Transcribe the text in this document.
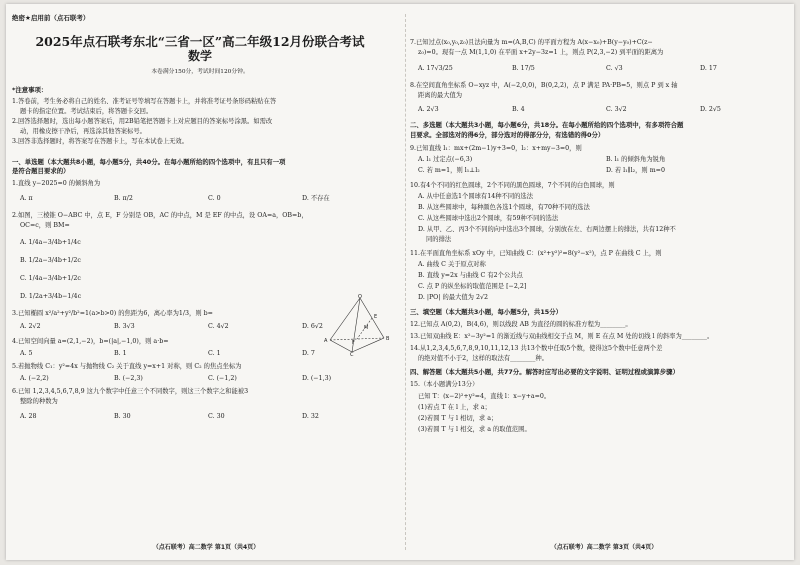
绝密★启用前（点石联考）
2025年点石联考东北“三省一区”高二年级12月份联合考试
数学
本卷满分150分，考试时间120分钟。
*注意事项：
1.答卷前，考生务必将自己的姓名、准考证号等填写在答题卡上，并将准考证号条形码粘贴在答
题卡的指定位置。考试结束后，将答题卡交回。
2.回答选择题时，选出每小题答案后，用2B铅笔把答题卡上对应题目的答案标号涂黑。如需改
动，用橡皮擦干净后，再选涂其他答案标号。
3.回答非选择题时，将答案写在答题卡上，写在本试卷上无效。
一、单选题（本大题共8小题，每小题5分，共40分。在每小题所给的四个选项中，有且只有一项
是符合题目要求的）
1.直线 y−2025=0 的倾斜角为
A. π	B. π/2	C. 0	D. 不存在
2.如图，三棱锥 O−ABC 中，点 E，F 分别是 OB，AC 的中点，M 是 EF 的中点，设 OA=a，OB=b，
OC=c，则 BM=
A. 1/4a−3/4b+1/4c
B. 1/2a−3/4b+1/2c
C. 1/4a−3/4b+1/2c
D. 1/2a+3/4b−1/4c	O
E
M
A	B
C
F
3.已知椭圆 x²/a²+y²/b²=1(a>b>0) 的焦距为6，离心率为1/3，则 b=
A. 2√2	B. 3√3	C. 4√2	D. 6√2
4.已知空间向量 a=(2,1,−2)，b=(|a|,−1,0)，则 a·b=
A. 5	B. 1	C. 1	D. 7
5.若抛物线 C₁：y²=4x 与抛物线 C₂ 关于直线 y=x+1 对称，则 C₂ 的焦点坐标为
A. (−2,2)	B. (−2,3)	C. (−1,2)	D. (−1,3)
6.已知 1,2,3,4,5,6,7,8,9 这九个数字中任意三个不同数字，则这三个数字之和能被3
整除的种数为
A. 28	B. 30	C. 30	D. 32
（点石联考）高二数学 第1页（共4页）
7.已知过点(x₀,y₀,z₀)且法向量为 m=(A,B,C) 的平面方程为 A(x−x₀)+B(y−y₀)+C(z−
z₀)=0。现有一点 M(1,1,0) 在平面 x+2y−3z=1 上，则点 P(2,3,−2) 到平面的距离为
A. 17√3/25	B. 17/5	C. √3	D. 17
8.在空间直角坐标系 O−xyz 中，A(−2,0,0)，B(0,2,2)，点 P 满足 PA·PB=5，则点 P 到 x 轴
距离的最大值为
A. 2√3	B. 4	C. 3√2	D. 2√5
二、多选题（本大题共3小题，每小题6分，共18分。在每小题所给的四个选项中，有多项符合题
目要求。全部选对的得6分，部分选对的得部分分，有选错的得0分）
9.已知直线 l₁：mx+(2m−1)y+3=0，l₂：x+my−3=0，则
A. l₁ 过定点(−6,3)	B. l₁ 的倾斜角为锐角
C. 若 m=1，则 l₁⊥l₂	D. 若 l₁∥l₂，则 m=0
10.有4个不同的红色圆球，2个不同的黑色圆球，7个不同的白色圆球，则
A. 从中任意选1个圆球有14种不同的选法
B. 从这些圆球中，每种颜色各选1个圆球，有70种不同的选法
C. 从这些圆球中选出2个圆球，有59种不同的选法
D. 从甲、乙、丙3个不同的向中选出3个圆球，分别放在左、右两边摆上的排法，共有12种不
同的排法
11.在平面直角坐标系 xOy 中，已知曲线 C：(x²+y²)²=8(y²−x²)，点 P 在曲线 C 上，则
A. 曲线 C 关于原点对称
B. 直线 y=2x 与曲线 C 有2个公共点
C. 点 P 的纵坐标的取值范围是 [−2,2]
D. |PO| 的最大值为 2√2
三、填空题（本大题共3小题，每小题5分，共15分）
12.已知点 A(0,2)，B(4,6)，则以线段 AB 为直径的圆的标准方程为________。
13.已知双曲线 E：x²−3y²=1 的渐近线与双曲线相交于点 M，则 E 在点 M 处的切线 l 的斜率为________。
14.从1,2,3,4,5,6,7,8,9,10,11,12,13 共13个数中任取5个数，使得这5个数中任意两个差
的绝对值不小于2，这样的取法有________种。
四、解答题（本大题共5小题，共77分。解答时应写出必要的文字说明、证明过程或演算步骤）
15.（本小题满分13分）
已知 T：(x−2)²+y²=4，直线 l：x−y+a=0。
(1)若点 T 在 l 上，求 a；
(2)若圆 T 与 l 相切，求 a；
(3)若圆 T 与 l 相交，求 a 的取值范围。
（点石联考）高二数学 第3页（共4页）
